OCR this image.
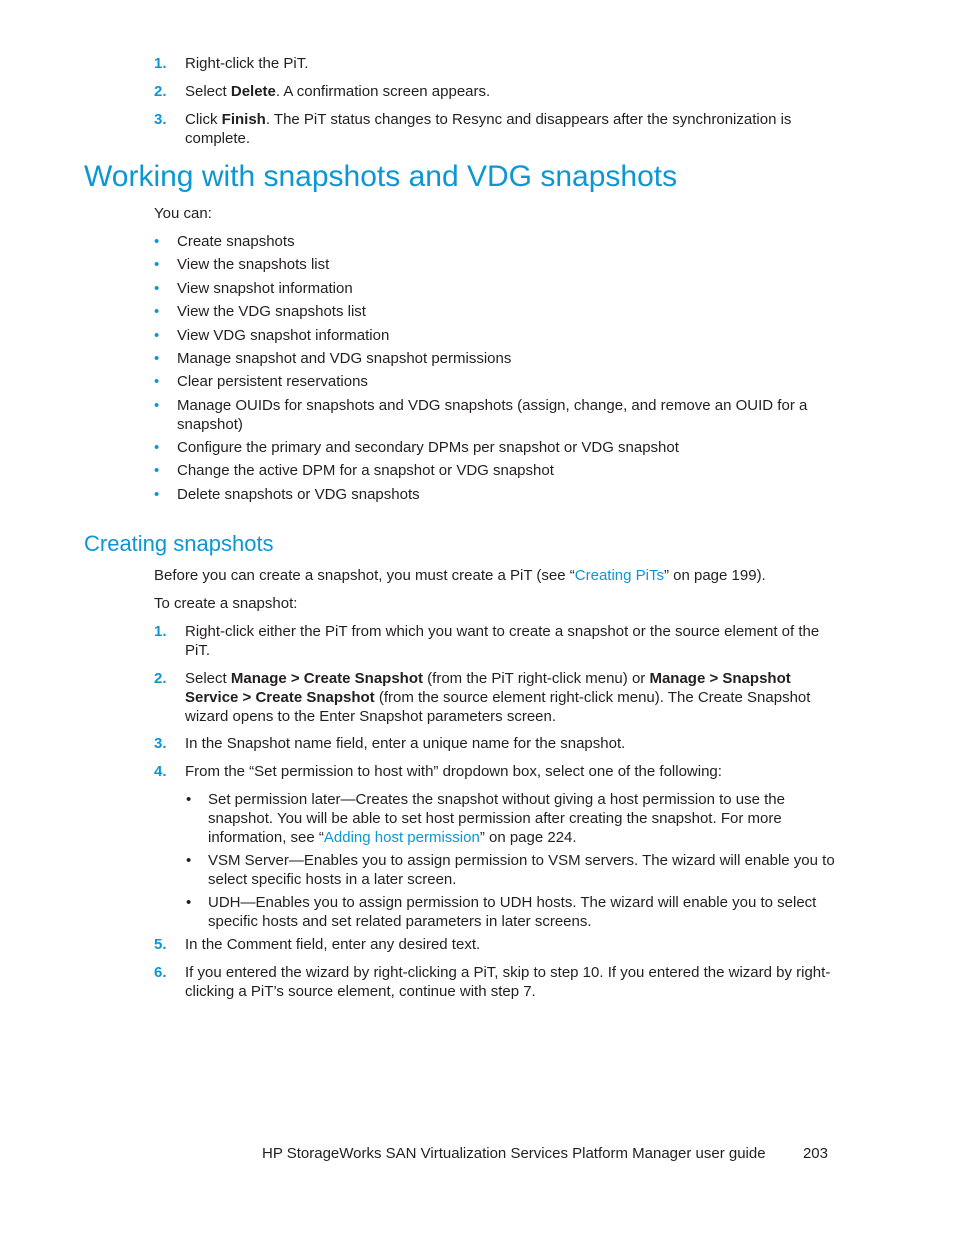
1. Right-click the PiT.
2. Select Delete. A confirmation screen appears.
3. Click Finish. The PiT status changes to Resync and disappears after the synchronization is complete.
Working with snapshots and VDG snapshots
You can:
• Create snapshots
• View the snapshots list
• View snapshot information
• View the VDG snapshots list
• View VDG snapshot information
• Manage snapshot and VDG snapshot permissions
• Clear persistent reservations
• Manage OUIDs for snapshots and VDG snapshots (assign, change, and remove an OUID for a snapshot)
• Configure the primary and secondary DPMs per snapshot or VDG snapshot
• Change the active DPM for a snapshot or VDG snapshot
• Delete snapshots or VDG snapshots
Creating snapshots
Before you can create a snapshot, you must create a PiT (see “Creating PiTs” on page 199).
To create a snapshot:
1. Right-click either the PiT from which you want to create a snapshot or the source element of the PiT.
2. Select Manage > Create Snapshot (from the PiT right-click menu) or Manage > Snapshot Service > Create Snapshot (from the source element right-click menu). The Create Snapshot wizard opens to the Enter Snapshot parameters screen.
3. In the Snapshot name field, enter a unique name for the snapshot.
4. From the “Set permission to host with” dropdown box, select one of the following:
• Set permission later—Creates the snapshot without giving a host permission to use the snapshot. You will be able to set host permission after creating the snapshot. For more information, see “Adding host permission” on page 224.
• VSM Server—Enables you to assign permission to VSM servers. The wizard will enable you to select specific hosts in a later screen.
• UDH—Enables you to assign permission to UDH hosts. The wizard will enable you to select specific hosts and set related parameters in later screens.
5. In the Comment field, enter any desired text.
6. If you entered the wizard by right-clicking a PiT, skip to step 10. If you entered the wizard by right-clicking a PiT’s source element, continue with step 7.
HP StorageWorks SAN Virtualization Services Platform Manager user guide 203
